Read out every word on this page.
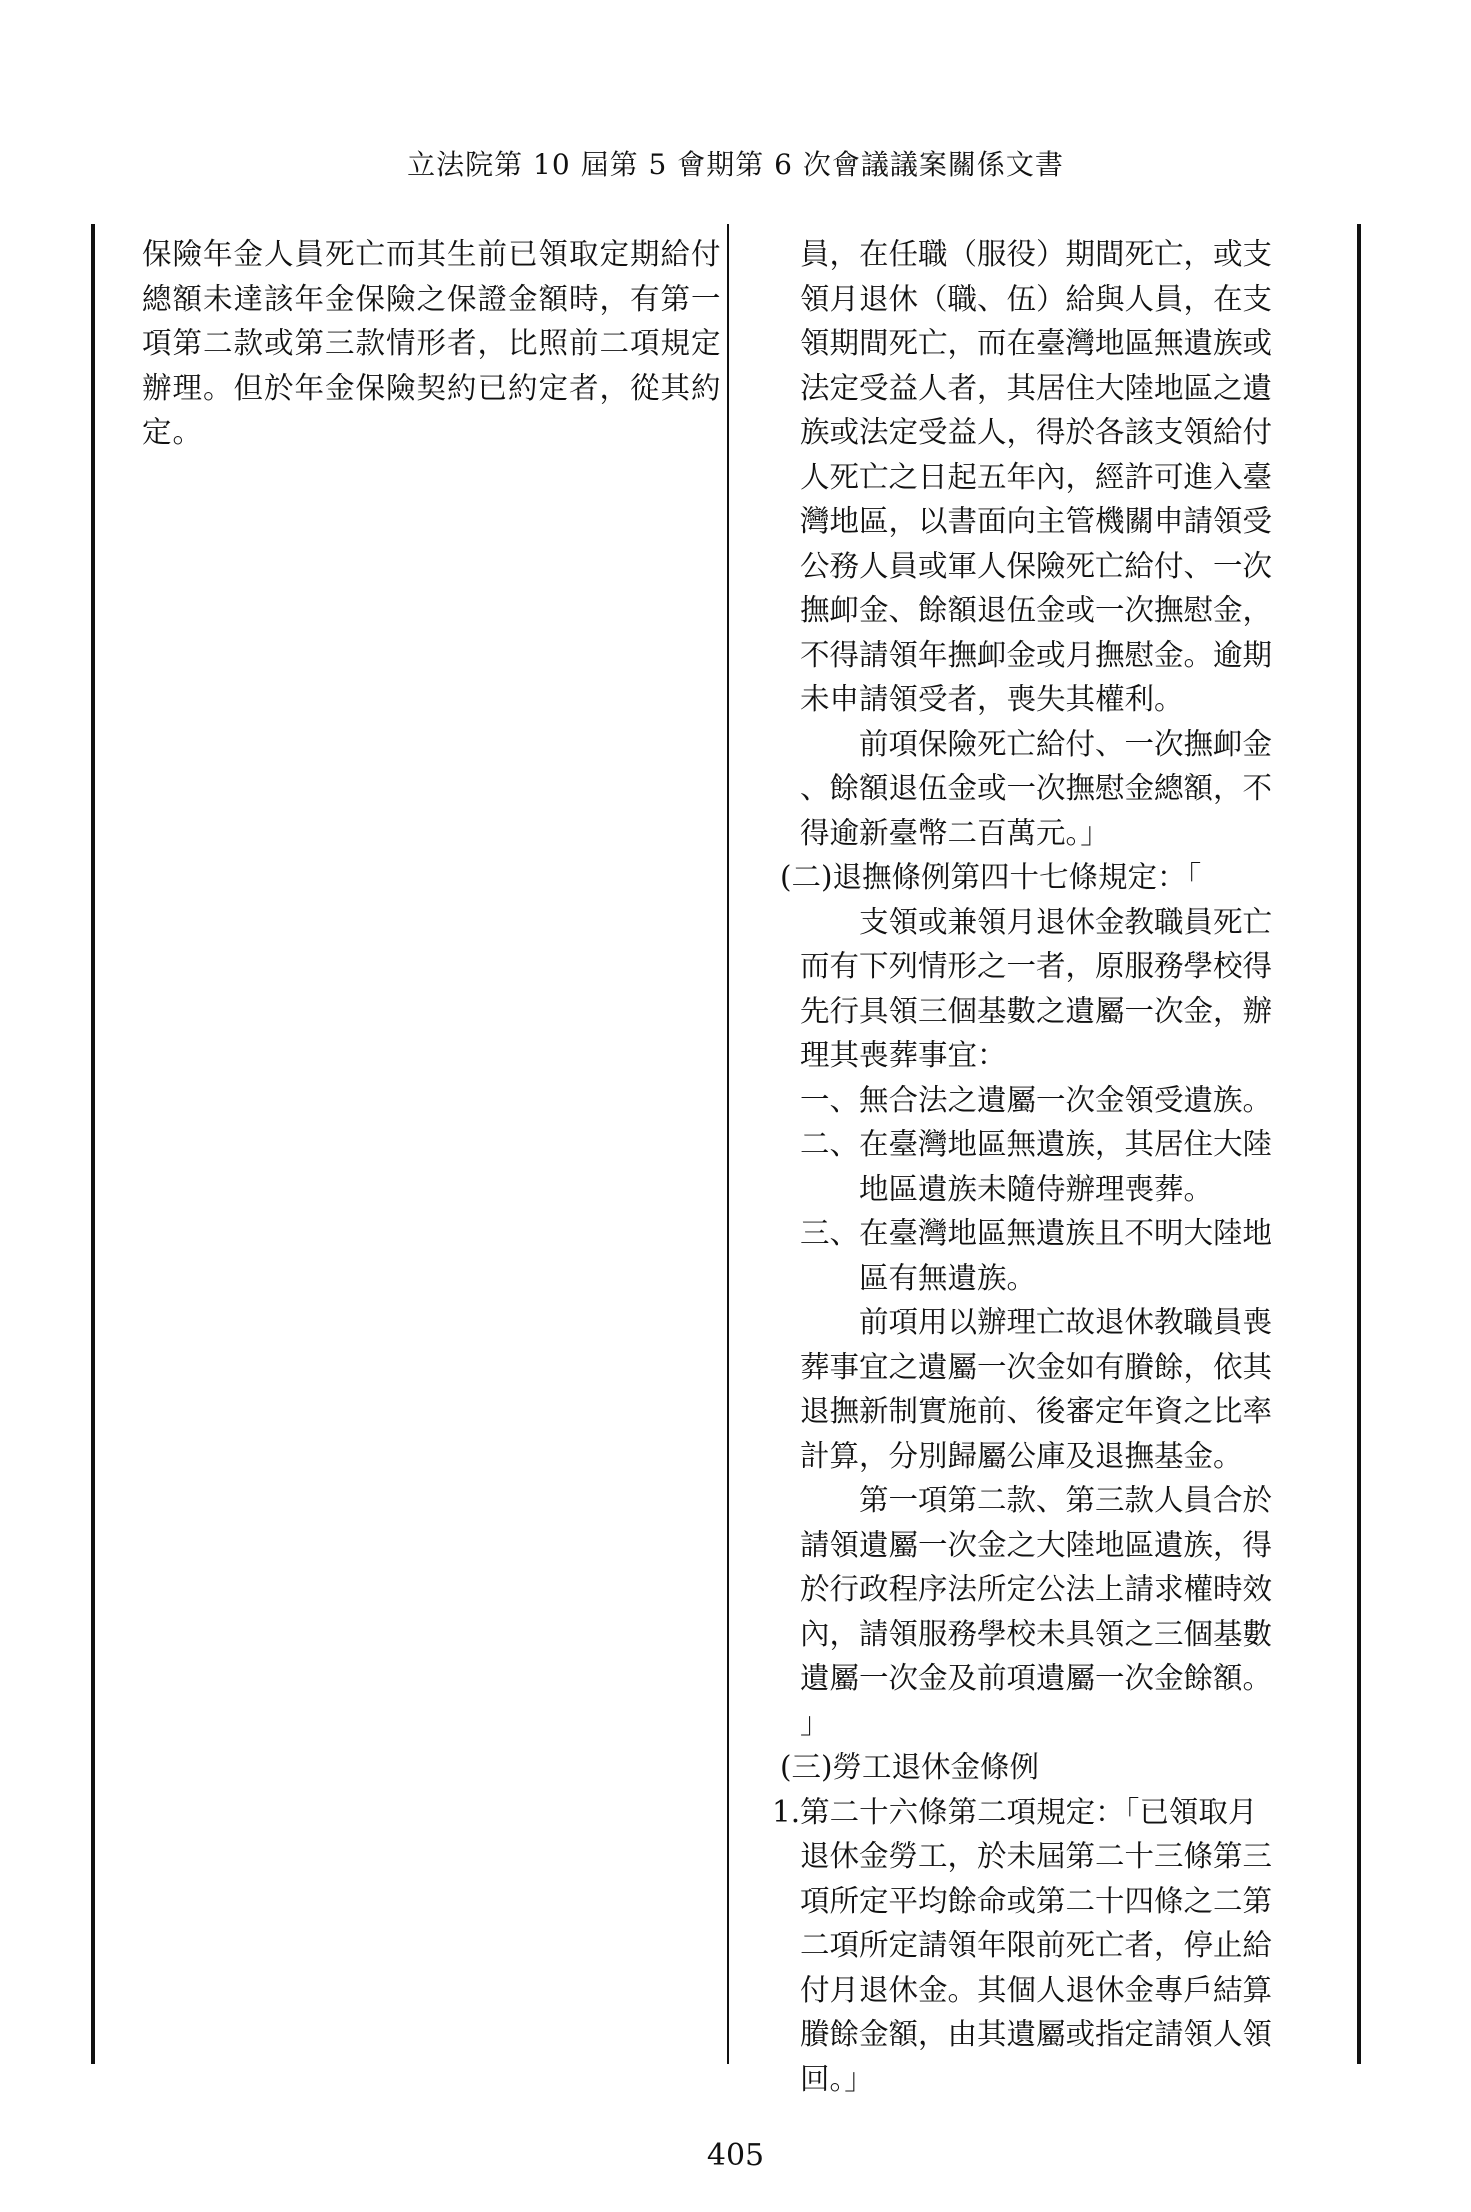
立法院第 10 屆第 5 會期第 6 次會議議案關係文書
保險年金人員死亡而其生前已領取定期給付
總額未達該年金保險之保證金額時，有第一
項第二款或第三款情形者，比照前二項規定
辦理。但於年金保險契約已約定者，從其約
定。
員，在任職（服役）期間死亡，或支
領月退休（職、伍）給與人員，在支
領期間死亡，而在臺灣地區無遺族或
法定受益人者，其居住大陸地區之遺
族或法定受益人，得於各該支領給付
人死亡之日起五年內，經許可進入臺
灣地區，以書面向主管機關申請領受
公務人員或軍人保險死亡給付、一次
撫卹金、餘額退伍金或一次撫慰金，
不得請領年撫卹金或月撫慰金。逾期
未申請領受者，喪失其權利。
　　前項保險死亡給付、一次撫卹金
、餘額退伍金或一次撫慰金總額，不
得逾新臺幣二百萬元。」
(二)退撫條例第四十七條規定：「
　　支領或兼領月退休金教職員死亡
而有下列情形之一者，原服務學校得
先行具領三個基數之遺屬一次金，辦
理其喪葬事宜：
一、無合法之遺屬一次金領受遺族。
二、在臺灣地區無遺族，其居住大陸
　　地區遺族未隨侍辦理喪葬。
三、在臺灣地區無遺族且不明大陸地
　　區有無遺族。
　　前項用以辦理亡故退休教職員喪
葬事宜之遺屬一次金如有賸餘，依其
退撫新制實施前、後審定年資之比率
計算，分別歸屬公庫及退撫基金。
　　第一項第二款、第三款人員合於
請領遺屬一次金之大陸地區遺族，得
於行政程序法所定公法上請求權時效
內，請領服務學校未具領之三個基數
遺屬一次金及前項遺屬一次金餘額。
」
(三)勞工退休金條例
1.第二十六條第二項規定：「已領取月
退休金勞工，於未屆第二十三條第三
項所定平均餘命或第二十四條之二第
二項所定請領年限前死亡者，停止給
付月退休金。其個人退休金專戶結算
賸餘金額，由其遺屬或指定請領人領
回。」
405
